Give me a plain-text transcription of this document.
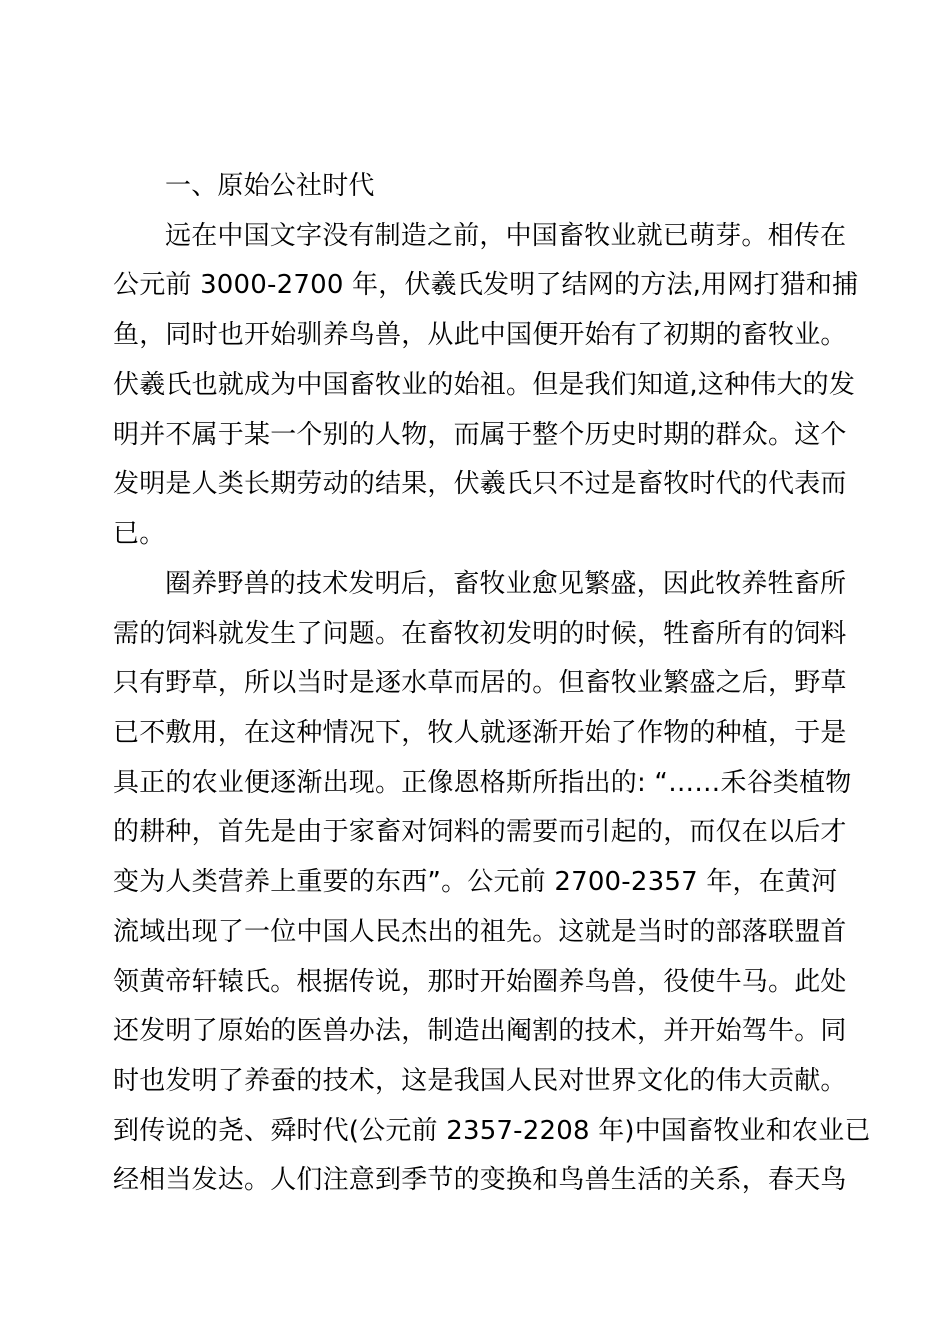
一、原始公社时代
远在中国文字没有制造之前，中国畜牧业就已萌芽。相传在
公元前 3000-2700 年，伏羲氏发明了结网的方法,用网打猎和捕
鱼，同时也开始驯养鸟兽，从此中国便开始有了初期的畜牧业。
伏羲氏也就成为中国畜牧业的始祖。但是我们知道,这种伟大的发
明并不属于某一个别的人物，而属于整个历史时期的群众。这个
发明是人类长期劳动的结果，伏羲氏只不过是畜牧时代的代表而
已。
圈养野兽的技术发明后，畜牧业愈见繁盛，因此牧养牲畜所
需的饲料就发生了问题。在畜牧初发明的时候，牲畜所有的饲料
只有野草，所以当时是逐水草而居的。但畜牧业繁盛之后，野草
已不敷用，在这种情况下，牧人就逐渐开始了作物的种植，于是
具正的农业便逐渐出现。正像恩格斯所指出的: “……禾谷类植物
的耕种，首先是由于家畜对饲料的需要而引起的，而仅在以后才
变为人类营养上重要的东西”。公元前 2700-2357 年，在黄河
流域出现了一位中国人民杰出的祖先。这就是当时的部落联盟首
领黄帝轩辕氏。根据传说，那时开始圈养鸟兽，役使牛马。此处
还发明了原始的医兽办法，制造出阉割的技术，并开始驾牛。同
时也发明了养蚕的技术，这是我国人民对世界文化的伟大贡献。
到传说的尧、舜时代(公元前 2357-2208 年)中国畜牧业和农业已
经相当发达。人们注意到季节的变换和鸟兽生活的关系，春天鸟
